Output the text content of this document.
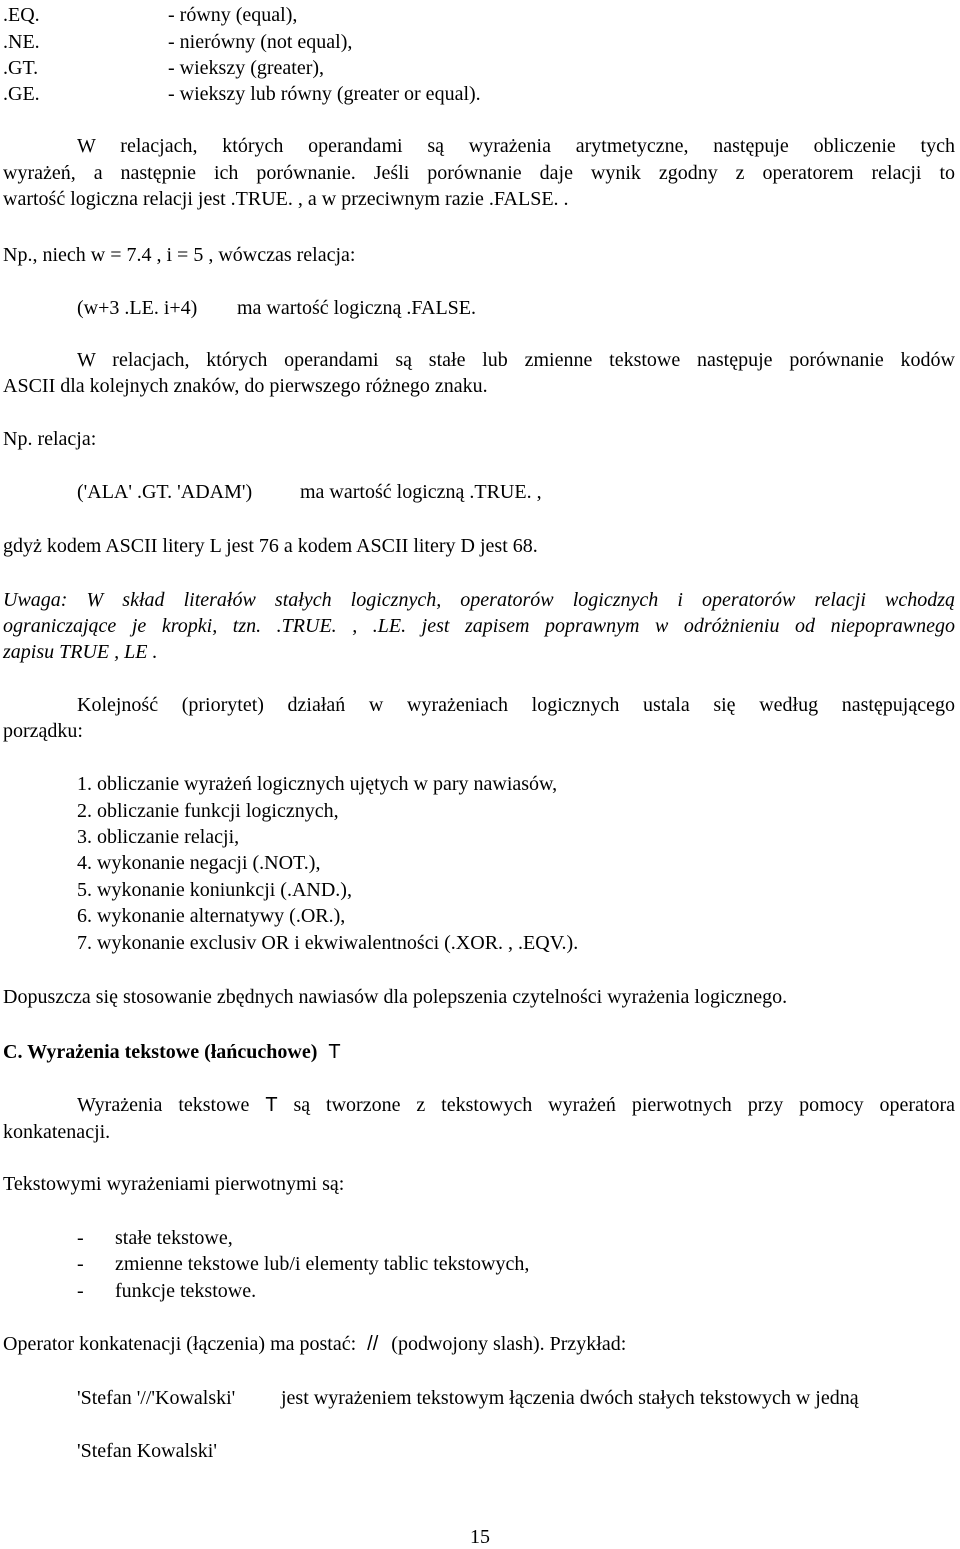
.EQ.	- równy (equal),
.NE.	- nierówny (not equal),
.GT.	- wiekszy (greater),
.GE.	- wiekszy lub równy (greater or equal).
W relacjach, których operandami są wyrażenia arytmetyczne, następuje obliczenie tych
wyrażeń, a następnie ich porównanie. Jeśli porównanie daje wynik zgodny z operatorem relacji to
wartość logiczna relacji jest .TRUE. , a w przeciwnym razie .FALSE. .
Np., niech w = 7.4 , i = 5 , wówczas relacja:
(w+3 .LE. i+4) ma wartość logiczną .FALSE.
W relacjach, których operandami są stałe lub zmienne tekstowe następuje porównanie kodów
ASCII dla kolejnych znaków, do pierwszego różnego znaku.
Np. relacja:
('ALA' .GT. 'ADAM') ma wartość logiczną .TRUE. ,
gdyż kodem ASCII litery L jest 76 a kodem ASCII litery D jest 68.
Uwaga: W skład literałów stałych logicznych, operatorów logicznych i operatorów relacji wchodzą
ograniczające je kropki, tzn. .TRUE. , .LE. jest zapisem poprawnym w odróżnieniu od niepoprawnego
zapisu TRUE , LE .
Kolejność (priorytet) działań w wyrażeniach logicznych ustala się według następującego
porządku:
1. obliczanie wyrażeń logicznych ujętych w pary nawiasów,
2. obliczanie funkcji logicznych,
3. obliczanie relacji,
4. wykonanie negacji (.NOT.),
5. wykonanie koniunkcji (.AND.),
6. wykonanie alternatywy (.OR.),
7. wykonanie exclusiv OR i ekwiwalentności (.XOR. , .EQV.).
Dopuszcza się stosowanie zbędnych nawiasów dla polepszenia czytelności wyrażenia logicznego.
C. Wyrażenia tekstowe (łańcuchowe) T
Wyrażenia tekstowe T są tworzone z tekstowych wyrażeń pierwotnych przy pomocy operatora
konkatenacji.
Tekstowymi wyrażeniami pierwotnymi są:
- stałe tekstowe,
- zmienne tekstowe lub/i elementy tablic tekstowych,
- funkcje tekstowe.
Operator konkatenacji (łączenia) ma postać: // (podwojony slash). Przykład:
'Stefan '//'Kowalski' jest wyrażeniem tekstowym łączenia dwóch stałych tekstowych w jedną
'Stefan Kowalski'
15
